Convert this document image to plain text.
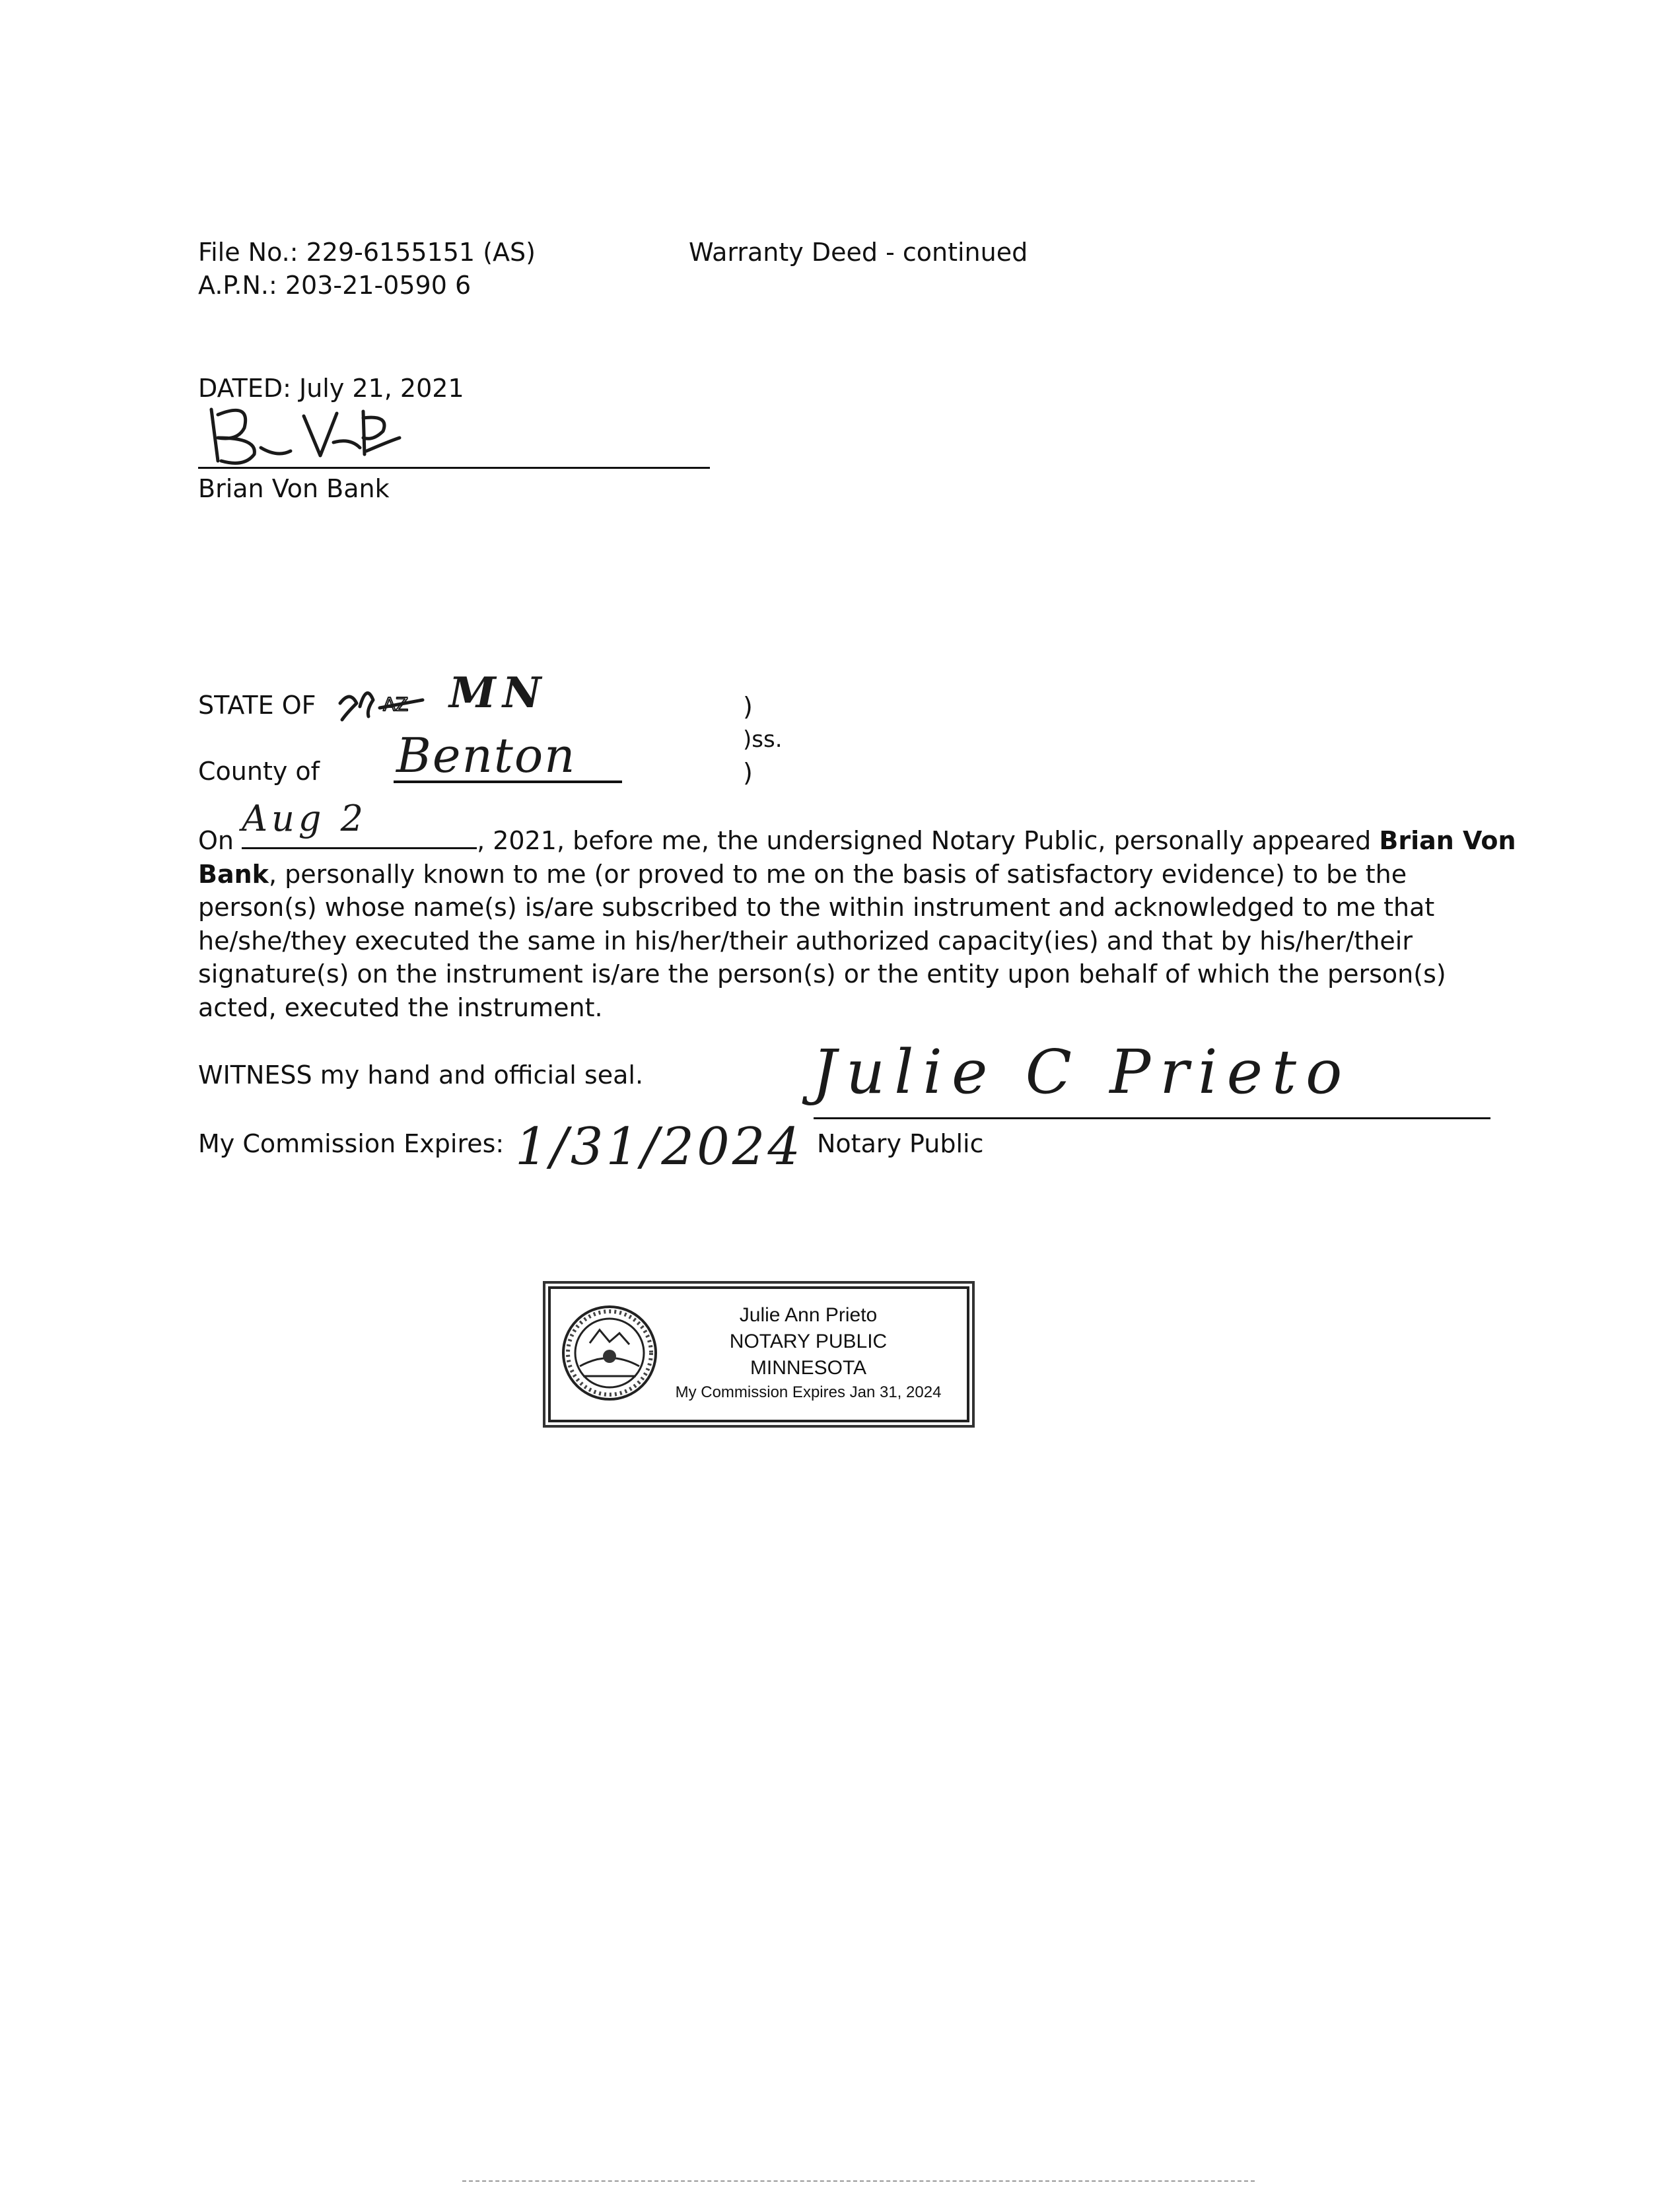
File No.: 229-6155151 (AS)
A.P.N.: 203-21-0590 6
Warranty Deed - continued
DATED: July 21, 2021
Brian Von Bank
STATE OF	AZ MN
County of Benton
)
)ss.
)
On
Aug 2
, 2021, before me, the undersigned Notary Public, personally appeared Brian Von
Bank, personally known to me (or proved to me on the basis of satisfactory evidence) to be the
person(s) whose name(s) is/are subscribed to the within instrument and acknowledged to me that
he/she/they executed the same in his/her/their authorized capacity(ies) and that by his/her/their
signature(s) on the instrument is/are the person(s) or the entity upon behalf of which the person(s)
acted, executed the instrument.
WITNESS my hand and official seal.
My Commission Expires: 1/31/2024
Julie C Prieto
Notary Public
Julie Ann Prieto
NOTARY PUBLIC
MINNESOTA
My Commission Expires Jan 31, 2024
